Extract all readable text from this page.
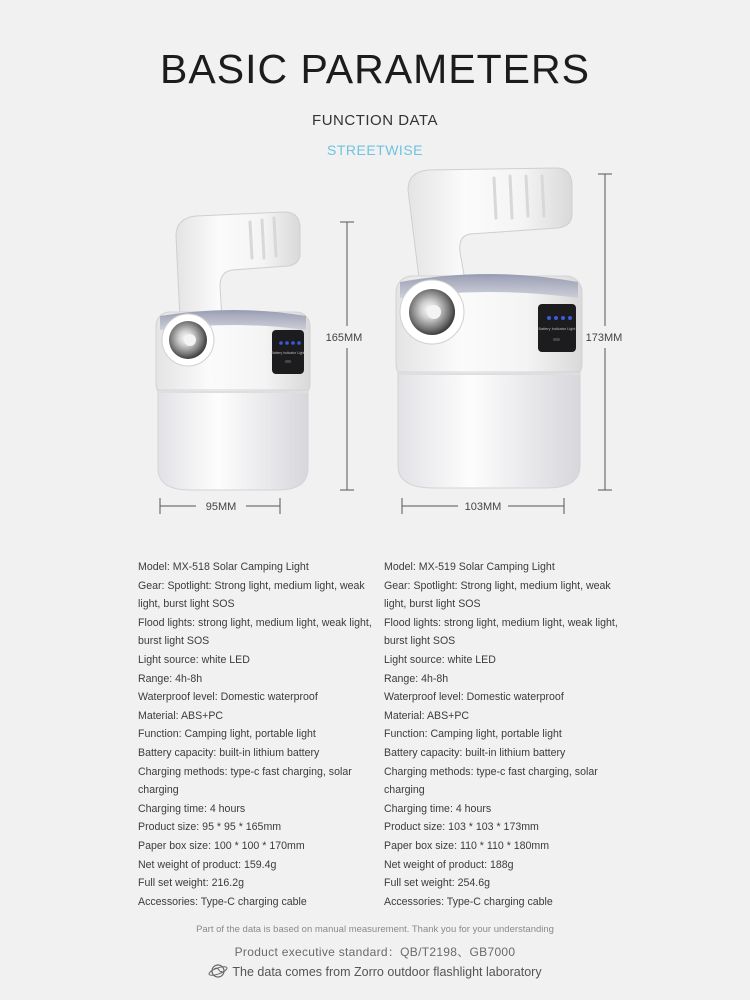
BASIC PARAMETERS
FUNCTION DATA
STREETWISE
Battery Indicator Light
165MM
95MM
Battery Indicator Light
173MM
103MM
Model: MX-518 Solar Camping Light
Gear: Spotlight: Strong light, medium light, weak light, burst light SOS
Flood lights: strong light, medium light, weak light, burst light SOS
Light source: white LED
Range: 4h-8h
Waterproof level: Domestic waterproof
Material: ABS+PC
Function: Camping light, portable light
Battery capacity: built-in lithium battery
Charging methods: type-c fast charging, solar charging
Charging time: 4 hours
Product size: 95 * 95 * 165mm
Paper box size: 100 * 100 * 170mm
Net weight of product: 159.4g
Full set weight: 216.2g
Accessories: Type-C charging cable
Model: MX-519 Solar Camping Light
Gear: Spotlight: Strong light, medium light, weak light, burst light SOS
Flood lights: strong light, medium light, weak light, burst light SOS
Light source: white LED
Range: 4h-8h
Waterproof level: Domestic waterproof
Material: ABS+PC
Function: Camping light, portable light
Battery capacity: built-in lithium battery
Charging methods: type-c fast charging, solar charging
Charging time: 4 hours
Product size: 103 * 103 * 173mm
Paper box size: 110 * 110 * 180mm
Net weight of product: 188g
Full set weight: 254.6g
Accessories: Type-C charging cable
Part of the data is based on manual measurement. Thank you for your understanding
Product executive standard：QB/T2198、GB7000
The data comes from Zorro outdoor flashlight laboratory
